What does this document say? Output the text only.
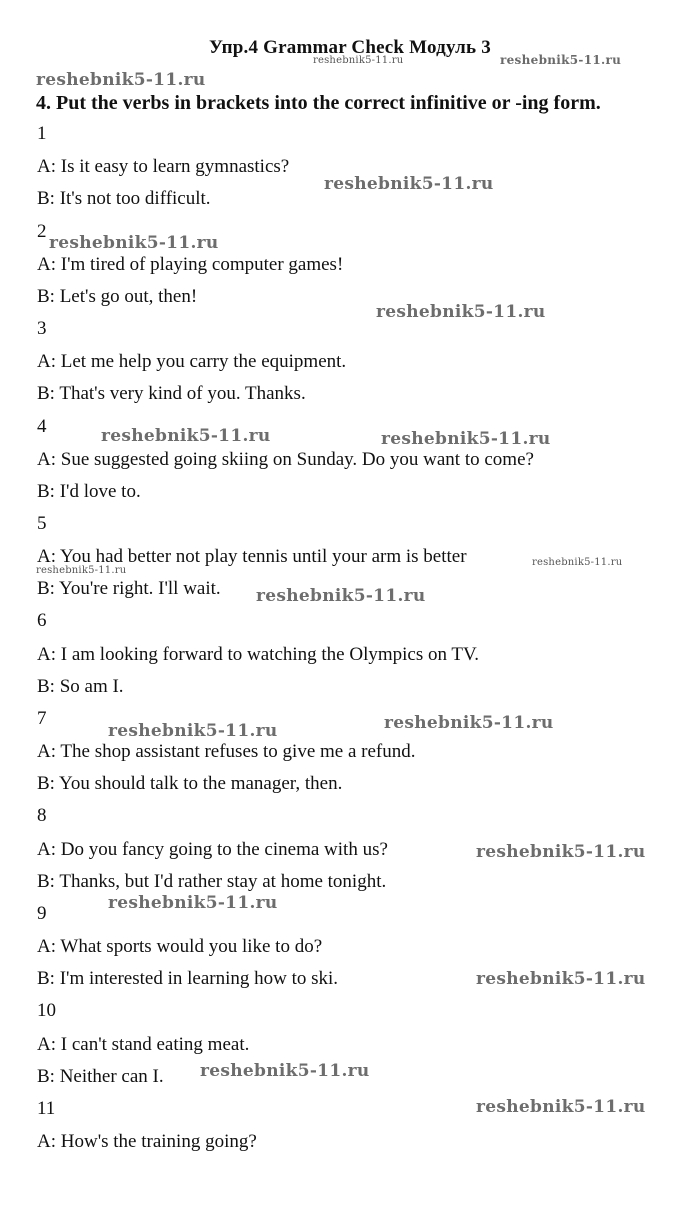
Упр.4 Grammar Check Модуль 3
4. Put the verbs in brackets into the correct infinitive or -ing form.
1
A: Is it easy to learn gymnastics?
B: It's not too difficult.
2
A: I'm tired of playing computer games!
B: Let's go out, then!
3
A: Let me help you carry the equipment.
B: That's very kind of you. Thanks.
4
A: Sue suggested going skiing on Sunday. Do you want to come?
B: I'd love to.
5
A: You had better not play tennis until your arm is better
B: You're right. I'll wait.
6
A: I am looking forward to watching the Olympics on TV.
B: So am I.
7
A: The shop assistant refuses to give me a refund.
B: You should talk to the manager, then.
8
A: Do you fancy going to the cinema with us?
B: Thanks, but I'd rather stay at home tonight.
9
A: What sports would you like to do?
B: I'm interested in learning how to ski.
10
A: I can't stand eating meat.
B: Neither can I.
11
A: How's the training going?
reshebnik5-11.ru	reshebnik5-11.ru
reshebnik5-11.ru
reshebnik5-11.ru
reshebnik5-11.ru
reshebnik5-11.ru
reshebnik5-11.ru	reshebnik5-11.ru
reshebnik5-11.ru
reshebnik5-11.ru
reshebnik5-11.ru
reshebnik5-11.ru	reshebnik5-11.ru
reshebnik5-11.ru
reshebnik5-11.ru
reshebnik5-11.ru
reshebnik5-11.ru
reshebnik5-11.ru
